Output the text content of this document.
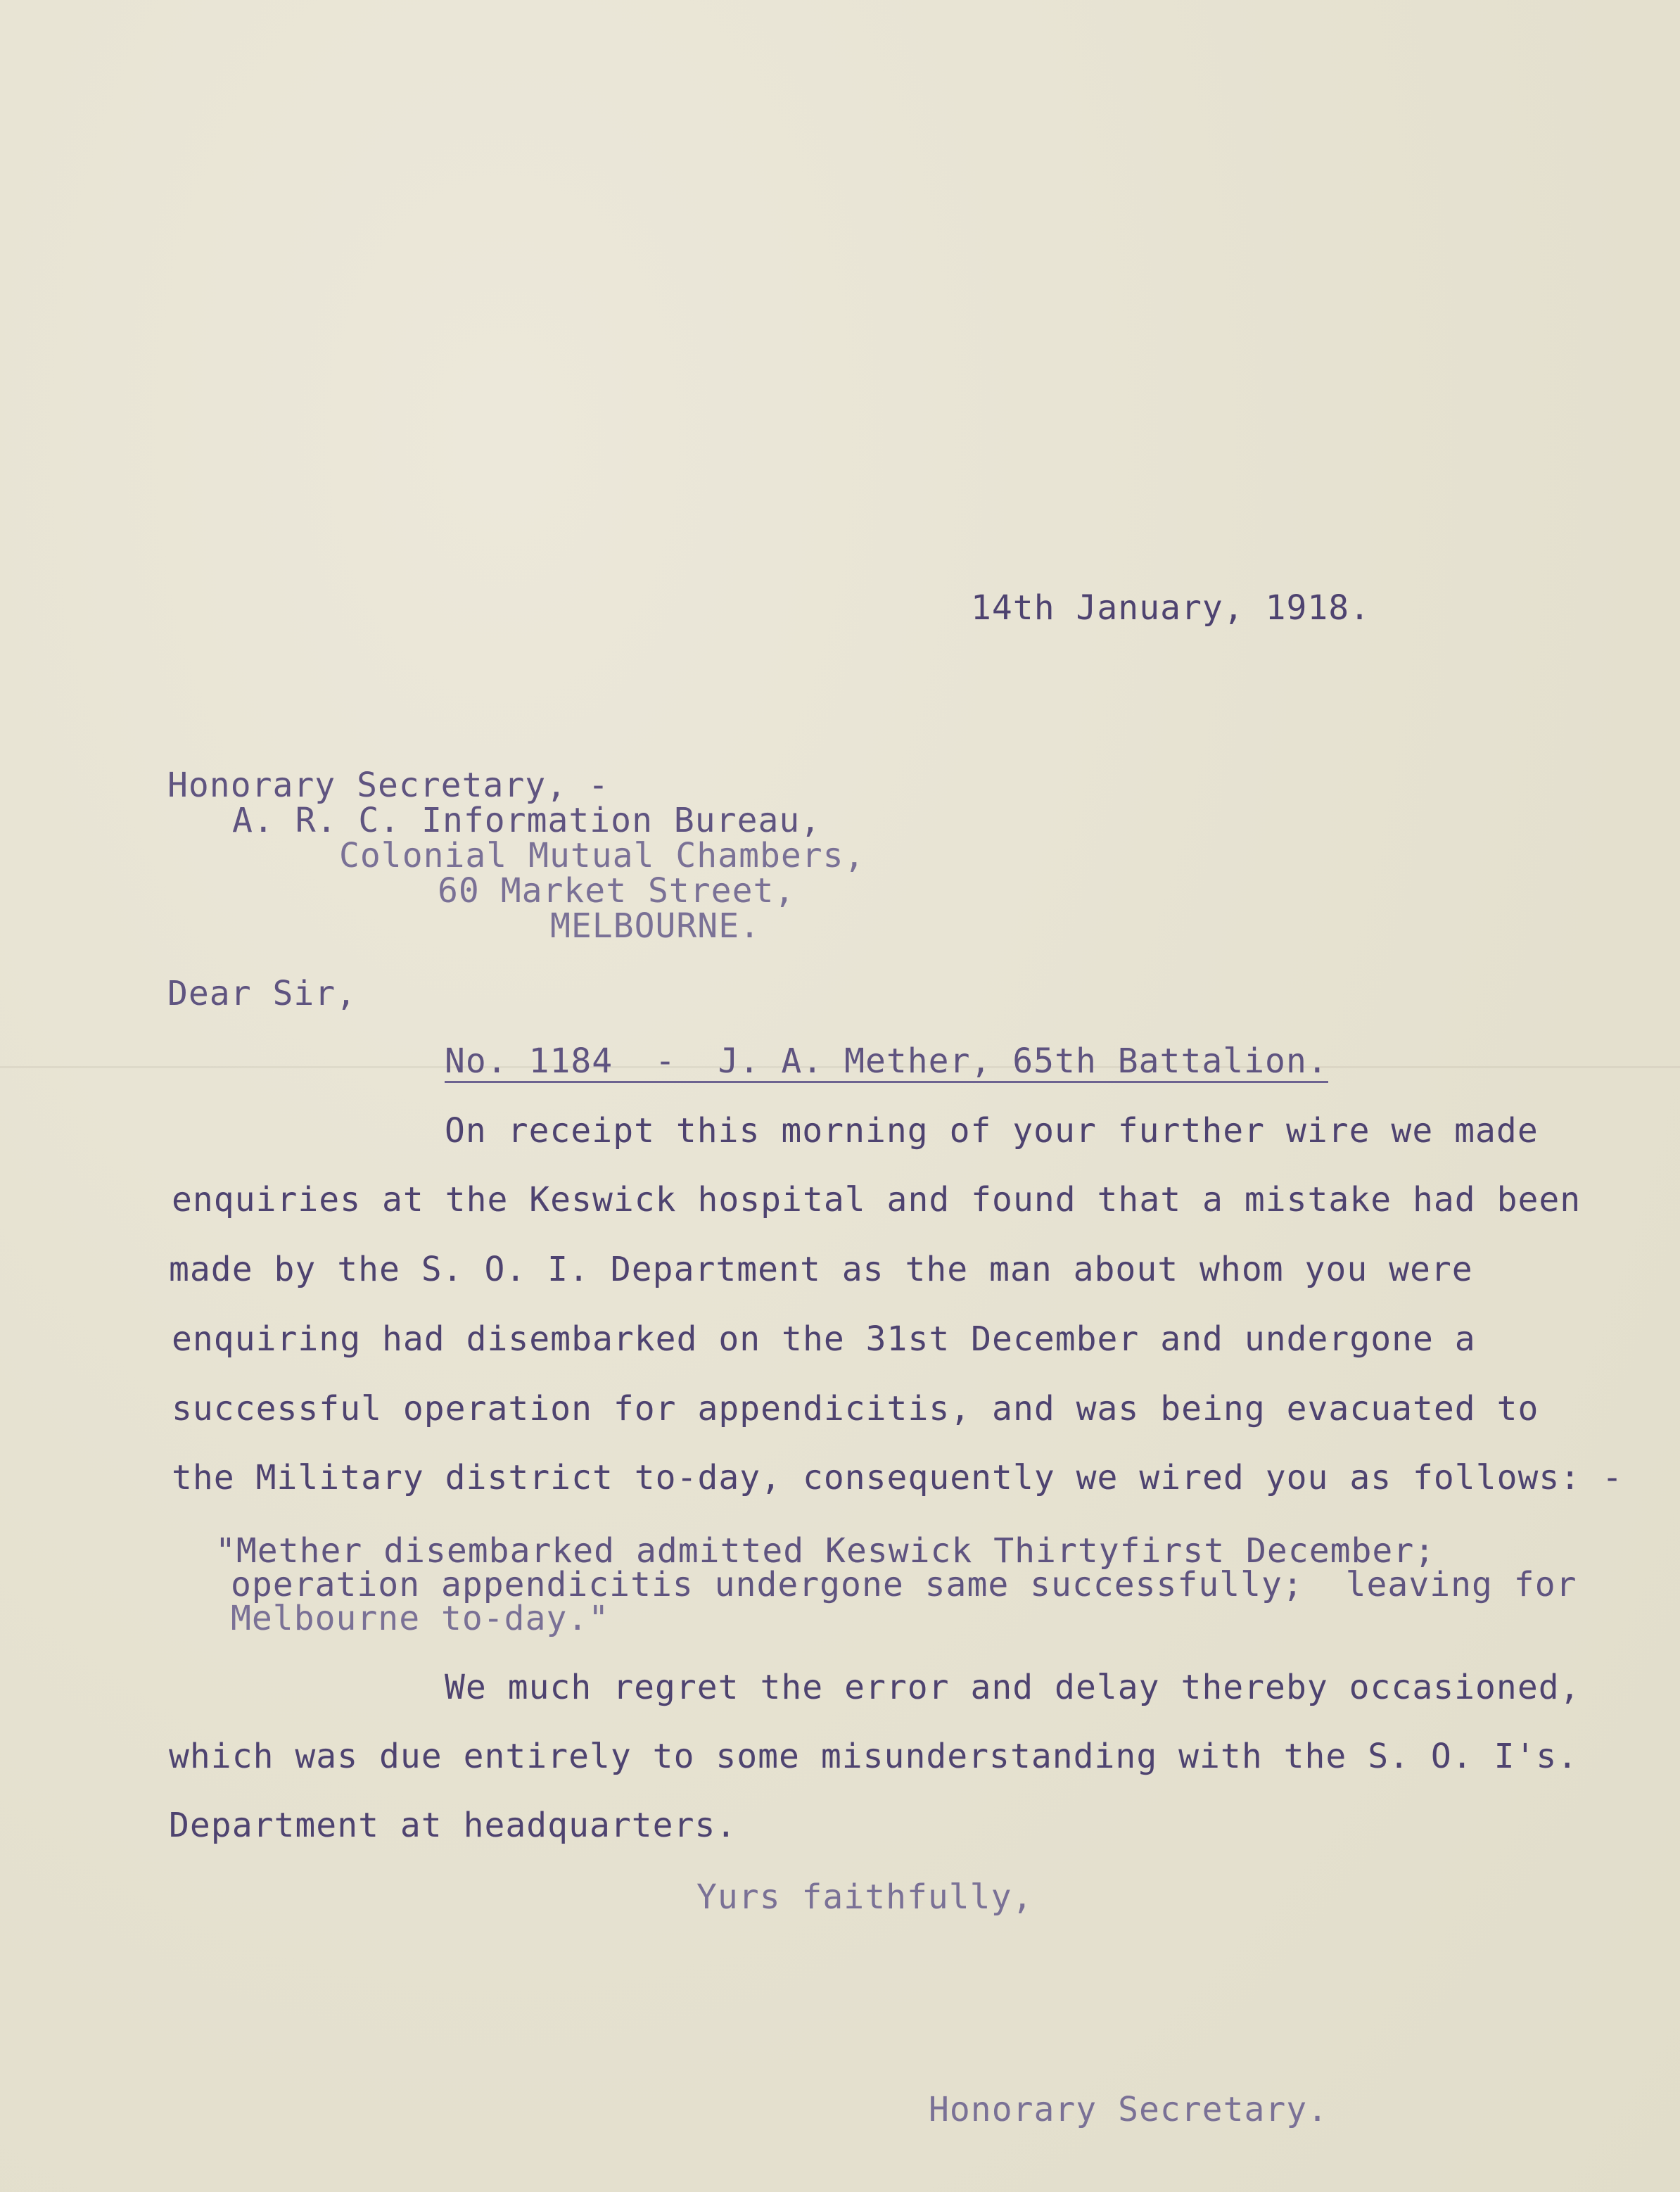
14th January, 1918.
Honorary Secretary, -
A. R. C. Information Bureau,
Colonial Mutual Chambers,
60 Market Street,
MELBOURNE.
Dear Sir,
No. 1184  -  J. A. Mether, 65th Battalion.
On receipt this morning of your further wire we made
enquiries at the Keswick hospital and found that a mistake had been
made by the S. O. I. Department as the man about whom you were
enquiring had disembarked on the 31st December and undergone a
successful operation for appendicitis, and was being evacuated to
the Military district to-day, consequently we wired you as follows: -
"Mether disembarked admitted Keswick Thirtyfirst December;
operation appendicitis undergone same successfully;  leaving for
Melbourne to-day."
We much regret the error and delay thereby occasioned,
which was due entirely to some misunderstanding with the S. O. I's.
Department at headquarters.
Yurs faithfully,
Honorary Secretary.
